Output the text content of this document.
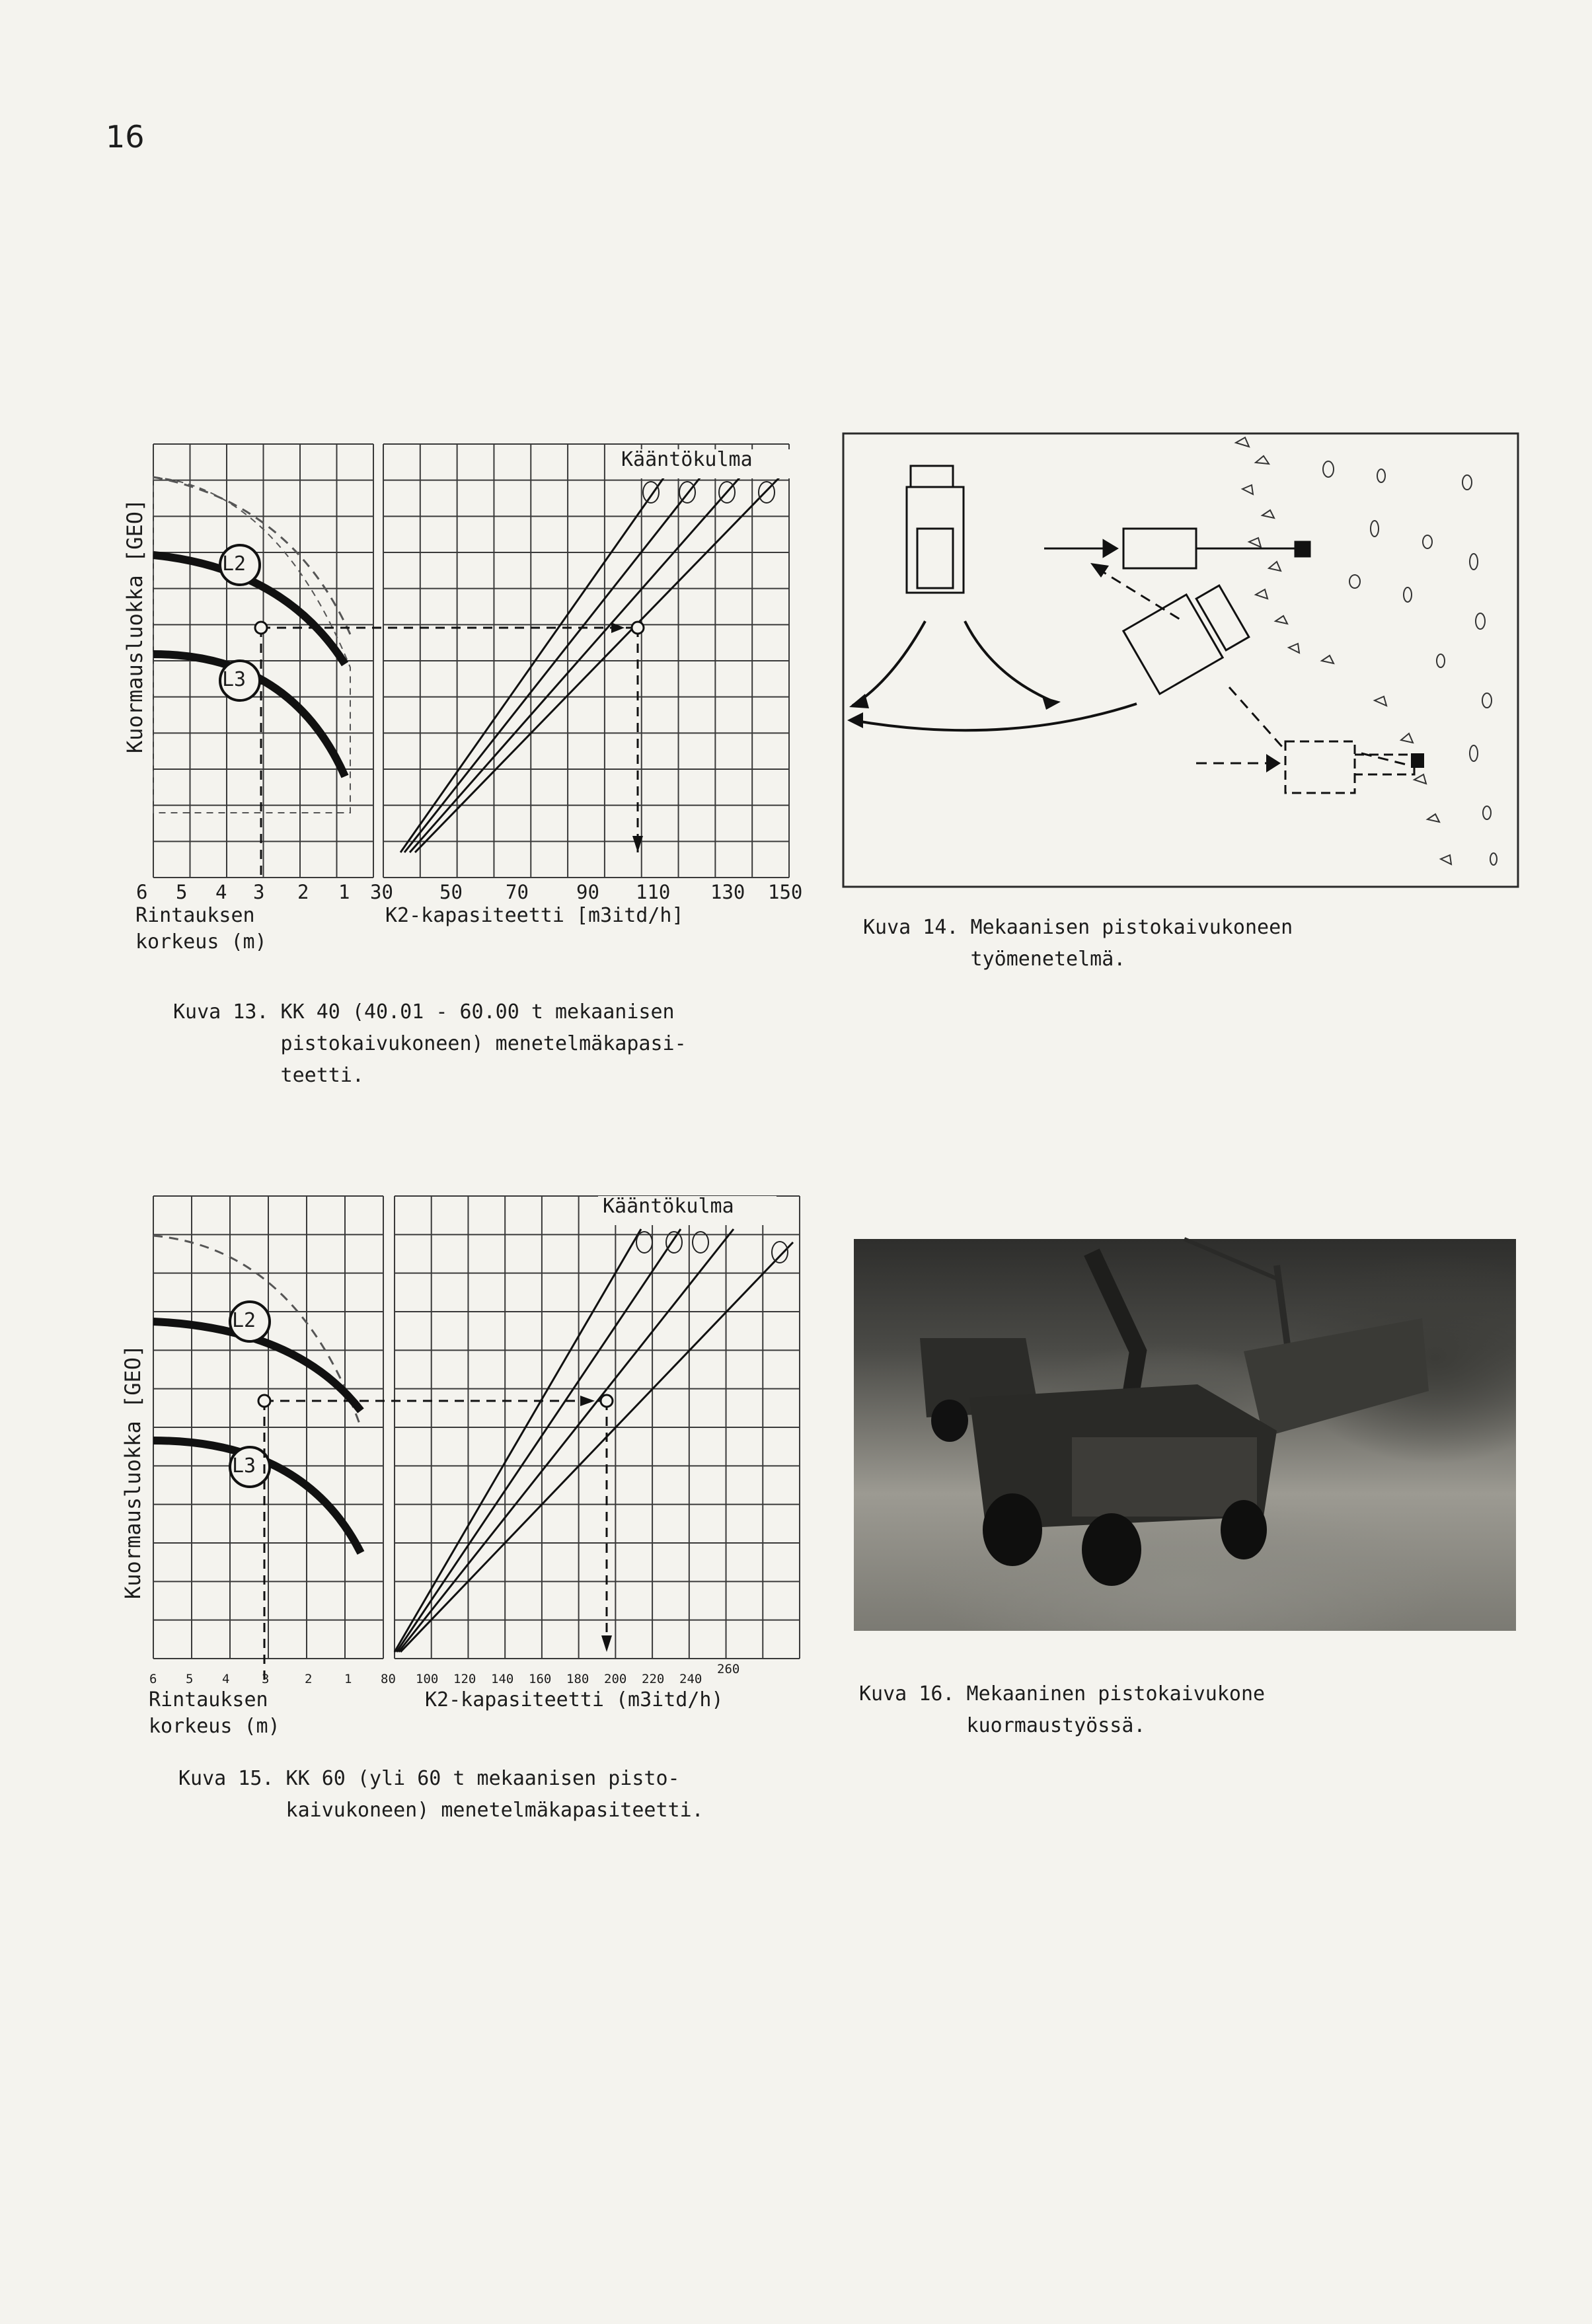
16
Kääntökulma
Kuormausluokka [GEO]	L2
L3
6 5 4 3 2 1 30 50 70 90 110 130 150
Rintauksen
korkeus (m)
K2-kapasiteetti [m3itd/h]
Kuva 13. KK 40 (40.01 - 60.00 t mekaanisen
pistokaivukoneen) menetelmäkapasi-
teetti.
Kuva 14. Mekaanisen pistokaivukoneen
työmenetelmä.
Kääntökulma
Kuormausluokka [GEO]
L2
L3
6 5 4	3	2	1 80 100 120 140 160 180 200 220 240
260
Rintauksen
korkeus (m)
K2-kapasiteetti (m3itd/h)
Kuva 15. KK 60 (yli 60 t mekaanisen pisto-
kaivukoneen) menetelmäkapasiteetti.
Kuva 16. Mekaaninen pistokaivukone
kuormaustyössä.
